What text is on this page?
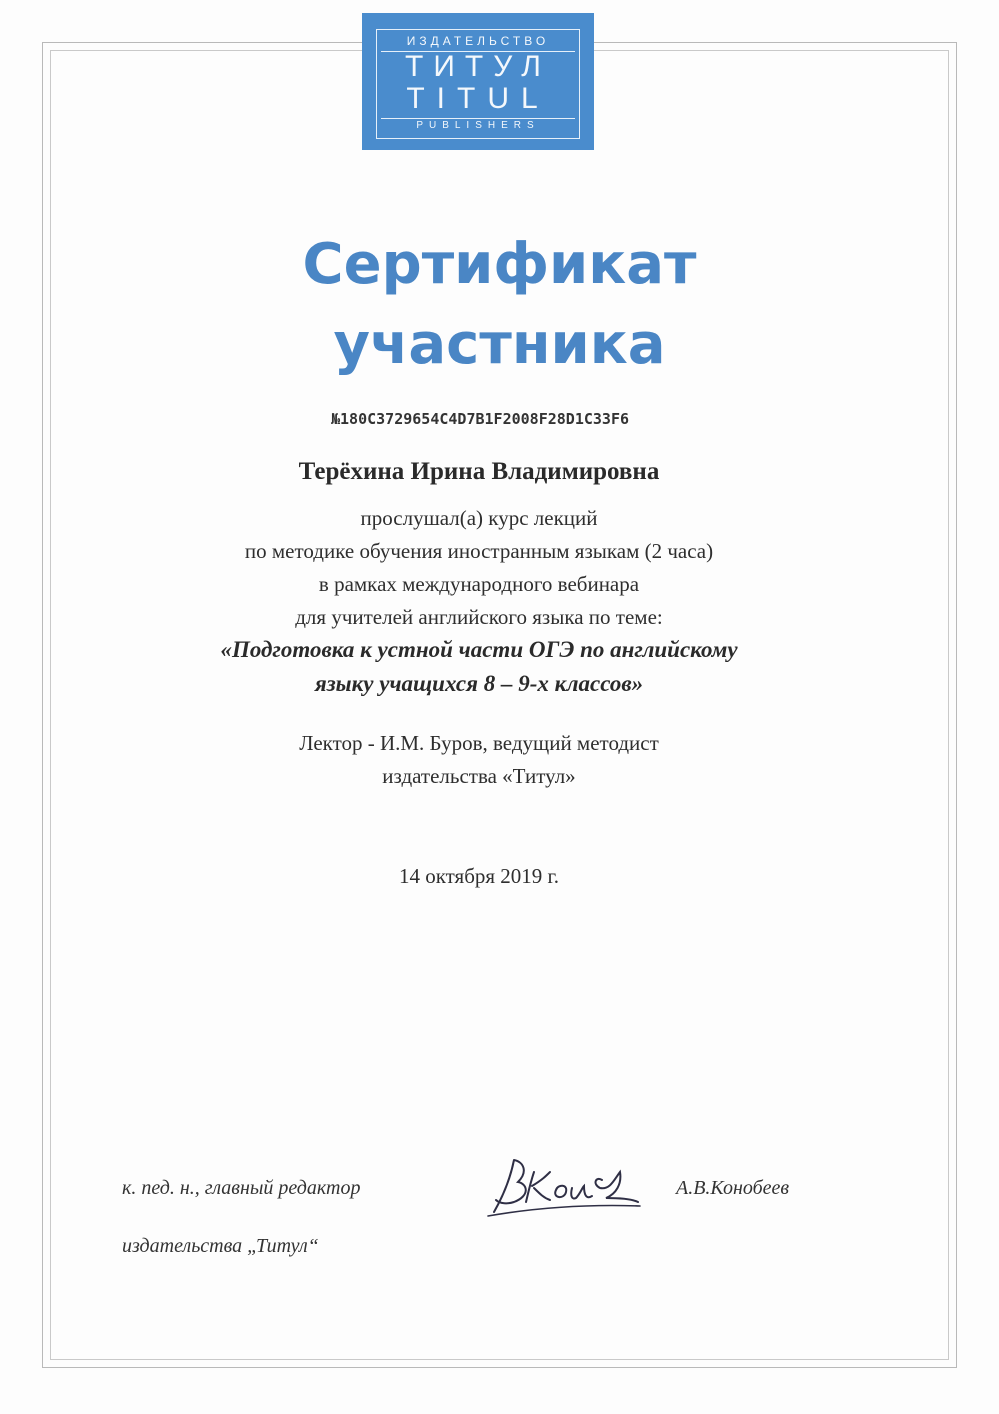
ИЗДАТЕЛЬСТВО
ТИТУЛ
TITUL
PUBLISHERS
Сертификат
участника
№180C3729654C4D7B1F2008F28D1C33F6
Терёхина Ирина Владимировна
прослушал(а) курс лекций
по методике обучения иностранным языкам (2 часа)
в рамках международного вебинара
для учителей английского языка по теме:
«Подготовка к устной части ОГЭ по английскому
языку учащихся 8 – 9-х классов»
Лектор - И.М. Буров, ведущий методист
издательства «Титул»
14 октября 2019 г.
к. пед. н., главный редактор
издательства „Титул“
А.В.Конобеев
